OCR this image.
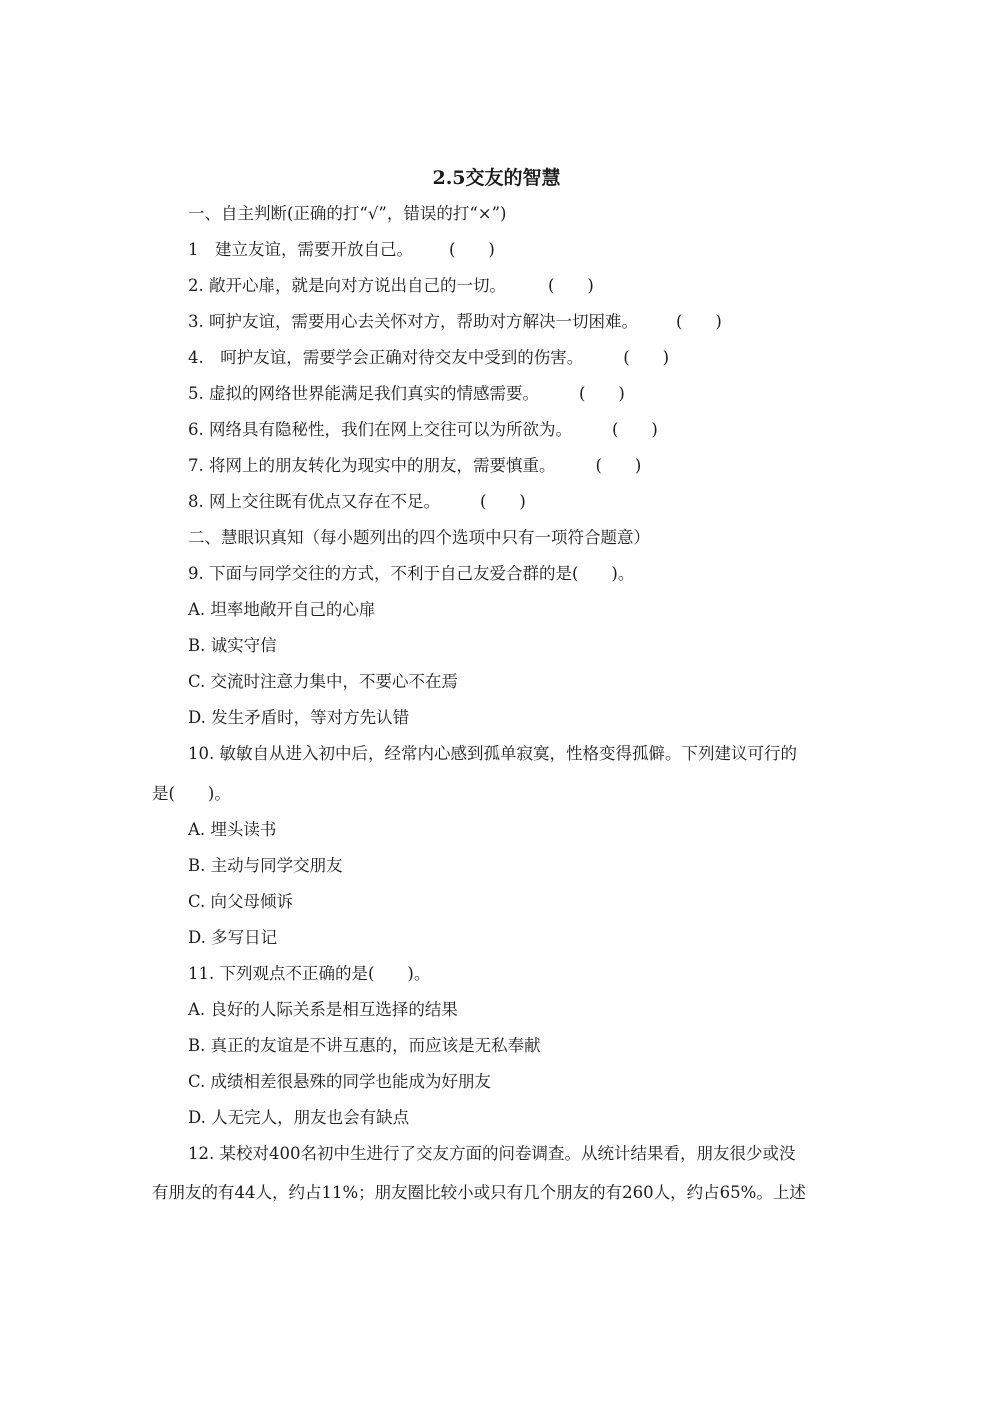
2.5交友的智慧
一、自主判断(正确的打“√”，错误的打“×”)
1　建立友谊，需要开放自己。 (　　)
2. 敞开心扉，就是向对方说出自己的一切。	(　　)
3. 呵护友谊，需要用心去关怀对方，帮助对方解决一切困难。 (　　)
4.　呵护友谊，需要学会正确对待交友中受到的伤害。 (　　)
5. 虚拟的网络世界能满足我们真实的情感需要。 (　　)
6. 网络具有隐秘性，我们在网上交往可以为所欲为。 (　　)
7. 将网上的朋友转化为现实中的朋友，需要慎重。 (　　)
8. 网上交往既有优点又存在不足。 (　　)
二、慧眼识真知（每小题列出的四个选项中只有一项符合题意）
9. 下面与同学交往的方式，不利于自己友爱合群的是(　　)。
A. 坦率地敞开自己的心扉
B. 诚实守信
C. 交流时注意力集中，不要心不在焉
D. 发生矛盾时，等对方先认错
10. 敏敏自从进入初中后，经常内心感到孤单寂寞，性格变得孤僻。下列建议可行的
是(　　)。
A. 埋头读书
B. 主动与同学交朋友
C. 向父母倾诉
D. 多写日记
11. 下列观点不正确的是(　　)。
A. 良好的人际关系是相互选择的结果
B. 真正的友谊是不讲互惠的，而应该是无私奉献
C. 成绩相差很悬殊的同学也能成为好朋友
D. 人无完人，朋友也会有缺点
12. 某校对400名初中生进行了交友方面的问卷调查。从统计结果看，朋友很少或没
有朋友的有44人，约占11%；朋友圈比较小或只有几个朋友的有260人，约占65%。上述
